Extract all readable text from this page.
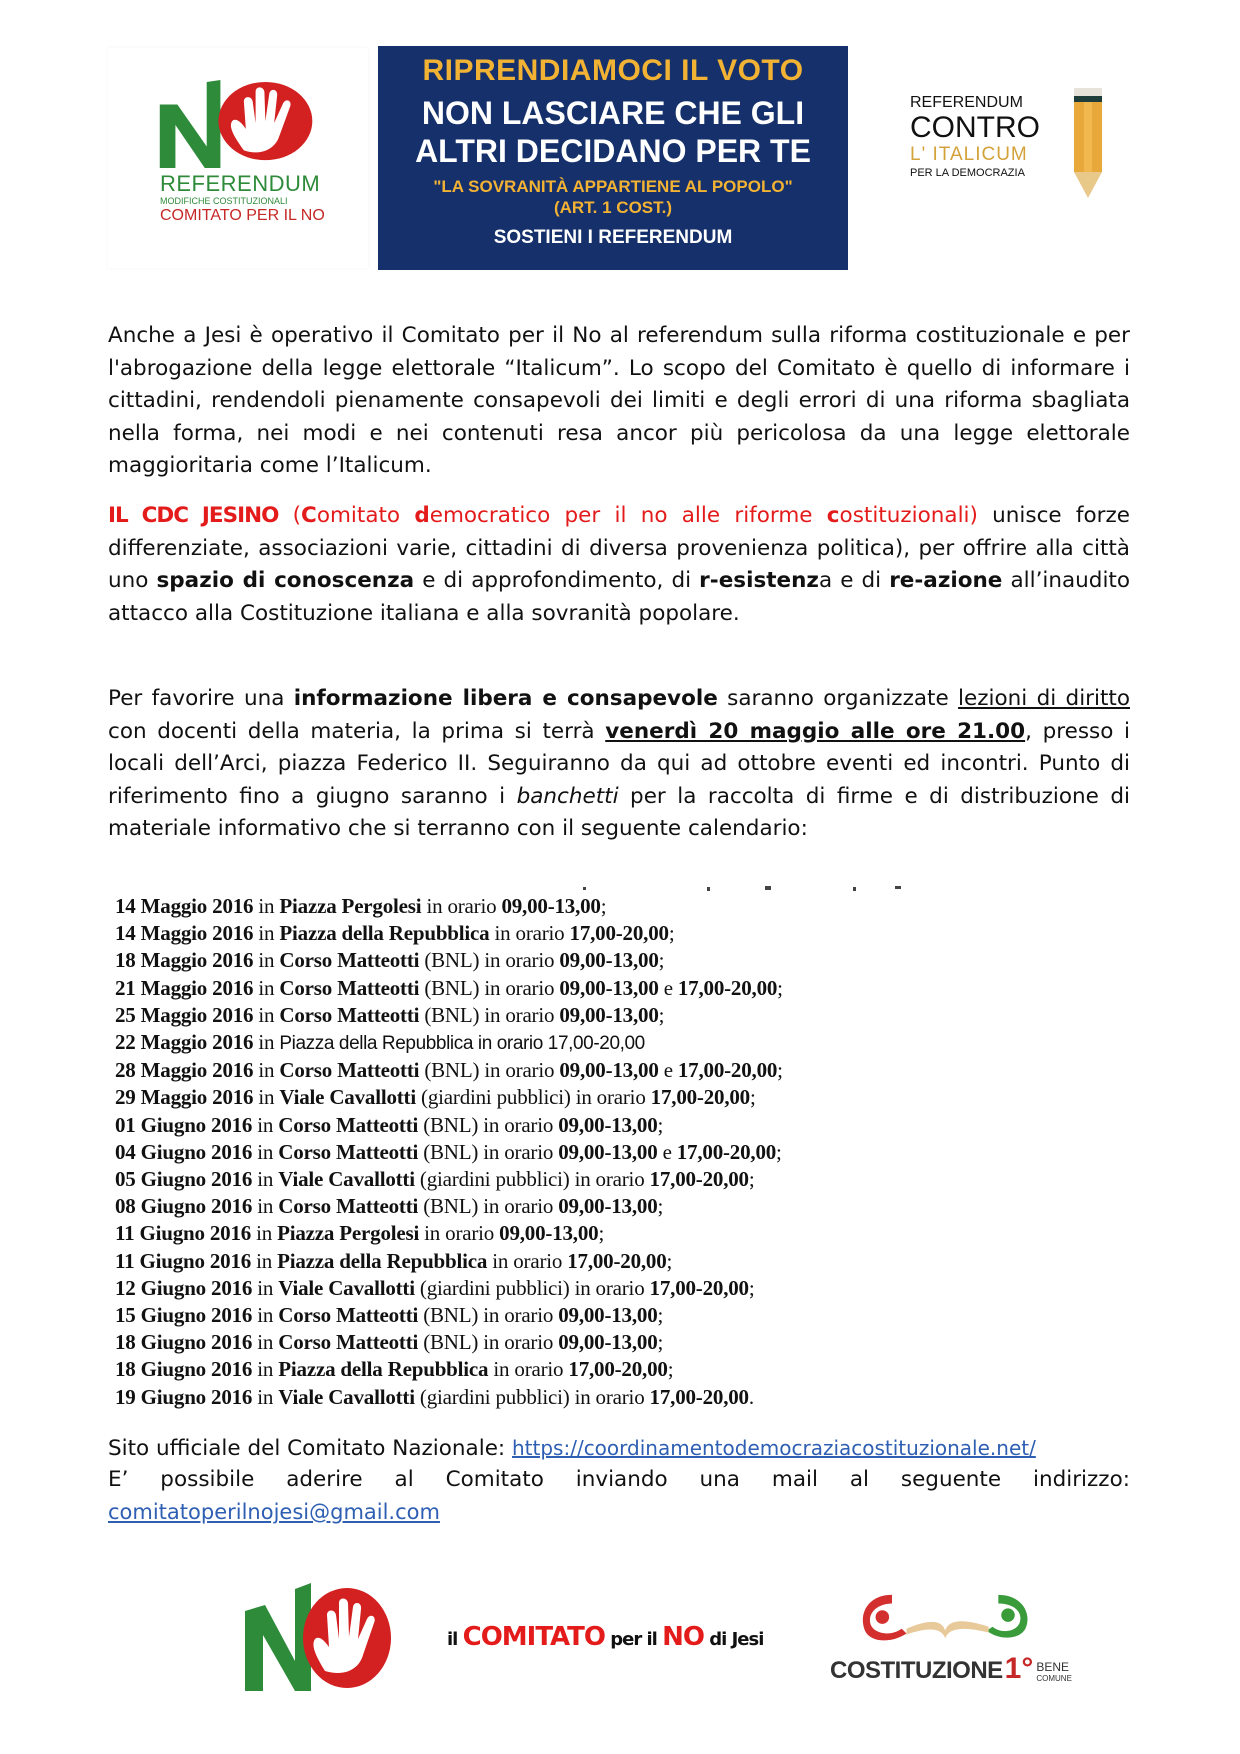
REFERENDUM
MODIFICHE COSTITUZIONALI
COMITATO PER IL NO
RIPRENDIAMOCI IL VOTO
NON LASCIARE CHE GLI
ALTRI DECIDANO PER TE
"LA SOVRANITÀ APPARTIENE AL POPOLO"
(ART. 1 COST.)
SOSTIENI I REFERENDUM
REFERENDUM
CONTRO
L' ITALICUM
PER LA DEMOCRAZIA
Anche a Jesi è operativo il Comitato per il No al referendum sulla riforma costituzionale e per l'abrogazione della legge elettorale “Italicum”. Lo scopo del Comitato è quello di informare i cittadini, rendendoli pienamente consapevoli dei limiti e degli errori di una riforma sbagliata nella forma, nei modi e nei contenuti resa ancor più pericolosa da una legge elettorale maggioritaria come l’Italicum.
IL CDC JESINO (Comitato democratico per il no alle riforme costituzionali) unisce forze differenziate, associazioni varie, cittadini di diversa provenienza politica), per offrire alla città uno spazio di conoscenza e di approfondimento, di r-esistenza e di re-azione all’inaudito attacco alla Costituzione italiana e alla sovranità popolare.
Per favorire una informazione libera e consapevole saranno organizzate lezioni di diritto con docenti della materia, la prima si terrà venerdì 20 maggio alle ore 21.00, presso i locali dell’Arci, piazza Federico II. Seguiranno da qui ad ottobre eventi ed incontri. Punto di riferimento fino a giugno saranno i banchetti per la raccolta di firme e di distribuzione di materiale informativo che si terranno con il seguente calendario:
14 Maggio 2016 in Piazza Pergolesi in orario 09,00-13,00;
14 Maggio 2016 in Piazza della Repubblica in orario 17,00-20,00;
18 Maggio 2016 in Corso Matteotti (BNL) in orario 09,00-13,00;
21 Maggio 2016 in Corso Matteotti (BNL) in orario 09,00-13,00 e 17,00-20,00;
25 Maggio 2016 in Corso Matteotti (BNL) in orario 09,00-13,00;
22 Maggio 2016 in Piazza della Repubblica in orario 17,00-20,00
28 Maggio 2016 in Corso Matteotti (BNL) in orario 09,00-13,00 e 17,00-20,00;
29 Maggio 2016 in Viale Cavallotti (giardini pubblici) in orario 17,00-20,00;
01 Giugno 2016 in Corso Matteotti (BNL) in orario 09,00-13,00;
04 Giugno 2016 in Corso Matteotti (BNL) in orario 09,00-13,00 e 17,00-20,00;
05 Giugno 2016 in Viale Cavallotti (giardini pubblici) in orario 17,00-20,00;
08 Giugno 2016 in Corso Matteotti (BNL) in orario 09,00-13,00;
11 Giugno 2016 in Piazza Pergolesi in orario 09,00-13,00;
11 Giugno 2016 in Piazza della Repubblica in orario 17,00-20,00;
12 Giugno 2016 in Viale Cavallotti (giardini pubblici) in orario 17,00-20,00;
15 Giugno 2016 in Corso Matteotti (BNL) in orario 09,00-13,00;
18 Giugno 2016 in Corso Matteotti (BNL) in orario 09,00-13,00;
18 Giugno 2016 in Piazza della Repubblica in orario 17,00-20,00;
19 Giugno 2016 in Viale Cavallotti (giardini pubblici) in orario 17,00-20,00.
Sito ufficiale del Comitato Nazionale: https://coordinamentodemocraziacostituzionale.net/
E’ possibile aderire al Comitato inviando una mail al seguente indirizzo:
comitatoperilnojesi@gmail.com
il COMITATO per il NO di Jesi
COSTITUZIONE 1° BENE
COMUNE
